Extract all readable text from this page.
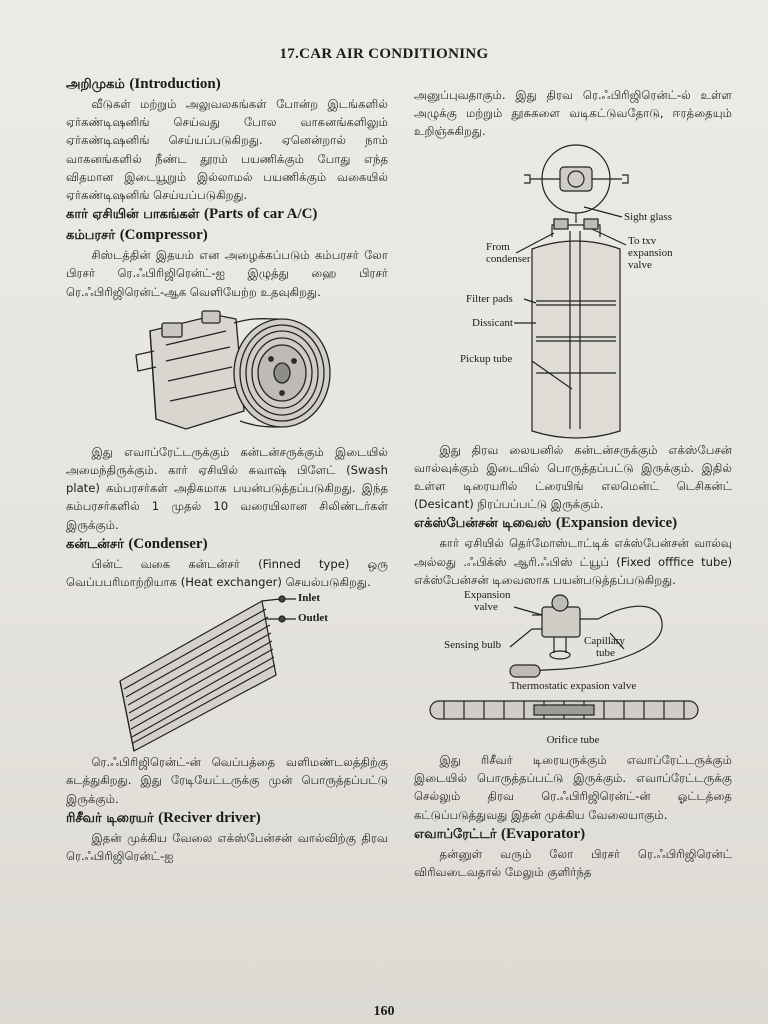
17.CAR AIR CONDITIONING
அறிமுகம் (Introduction)

வீடுகள் மற்றும் அலுவலகங்கள் போன்ற இடங்களில் ஏர்கண்டிஷனிங் செய்வது போல வாகனங்களிலும் ஏர்கண்டிஷனிங் செய்யப்படுகிறது. ஏனென்றால் நாம் வாகனங்களில் நீண்ட தூரம் பயணிக்கும் போது எந்த விதமான இடையூறும் இல்லாமல் பயணிக்கும் வகையில் ஏர்கண்டிஷனிங் செய்யப்படுகிறது.

கார் ஏசியின் பாகங்கள் (Parts of car A/C)
கம்பரசர் (Compressor)

சிஸ்டத்தின் இதயம் என அழைக்கப்படும் கம்பரசர் லோ பிரசர் ரெ.ஃபிரிஜிரென்ட்-ஐ இழுத்து ஹை பிரசர் ரெ.ஃபிரிஜிரென்ட்-ஆக வெளியேற்ற உதவுகிறது.

இது எவாப்ரேட்டருக்கும் கன்டன்சருக்கும் இடையில் அமைந்திருக்கும். கார் ஏசியில் சுவாஷ் பிளேட் (Swash plate) கம்பரசர்கள் அதிகமாக பயன்படுத்தப்படுகிறது. இந்த கம்பரசர்களில் 1 முதல் 10 வரையிலான சிலிண்டர்கள் இருக்கும்.

கன்டன்சர் (Condenser)

பின்ட் வகை கன்டன்சர் (Finned type) ஒரு வெப்பபரிமாற்றியாக (Heat exchanger) செயல்படுகிறது.

Inlet
Outlet

ரெ.ஃபிரிஜிரென்ட்-ன் வெப்பத்தை வளிமண்டலத்திற்கு கடத்துகிறது. இது ரேடியேட்டருக்கு முன் பொருத்தப்பட்டு இருக்கும்.

ரிசீவர் டிரையர் (Reciver driver)

இதன் முக்கிய வேலை எக்ஸ்பேன்சன் வால்விற்கு திரவ ரெ.ஃபிரிஜிரென்ட்-ஐ

அனுப்புவதாகும். இது திரவ ரெ.ஃபிரிஜிரென்ட்-ல் உள்ள அழுக்கு மற்றும் தூசுகளை வடிகட்டுவதோடு, ஈரத்தையும் உறிஞ்சுகிறது.

Sight glass
From
condenser
To txv
expansion
valve
Filter pads
Dissicant
Pickup tube

இது திரவ லையனில் கன்டன்சருக்கும் எக்ஸ்பேசன் வால்வுக்கும் இடையில் பொருத்தப்பட்டு இருக்கும். இதில் உள்ள டிரையரில் ட்ரையிங் எலமென்ட் டெசிகன்ட் (Desicant) நிரப்பப்பட்டு இருக்கும்.

எக்ஸ்பேன்சன் டிவைஸ் (Expansion device)

கார் ஏசியில் தெர்மோஸ்டாட்டிக் எக்ஸ்பேன்சன் வால்வு அல்லது .ஃபிக்ஸ் ஆரி.ஃபிஸ் ட்யூப் (Fixed offfice tube) எக்ஸ்பேன்சன் டிவைஸாக பயன்படுத்தப்படுகிறது.

Expansion
valve
Sensing bulb	Capillary
tube
Thermostatic expasion valve
Orifice tube

இது ரிசீவர் டிரையருக்கும் எவாப்ரேட்டருக்கும் இடையில் பொருத்தப்பட்டு இருக்கும். எவாப்ரேட்டருக்கு செல்லும் திரவ ரெ.ஃபிரிஜிரென்ட்-ன் ஓட்டத்தை கட்டுப்படுத்துவது இதன் முக்கிய வேலையாகும்.

எவாப்ரேட்டர் (Evaporator)

தன்னுள் வரும் லோ பிரசர் ரெ.ஃபிரிஜிரென்ட் விரிவடைவதால் மேலும் குளிர்ந்த

160
